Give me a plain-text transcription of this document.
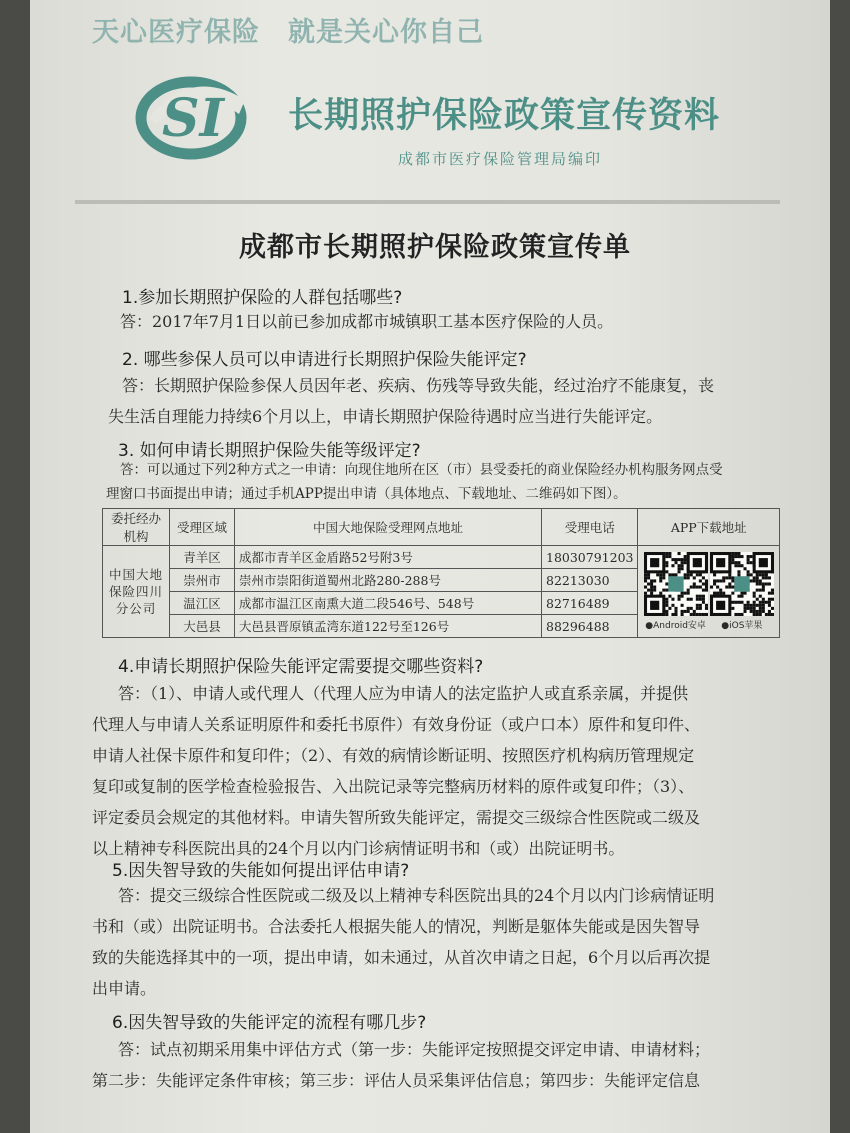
天心医疗保险 就是关心你自己
SI 长期照护保险政策宣传资料
成都市医疗保险管理局编印
成都市长期照护保险政策宣传单
1.参加长期照护保险的人群包括哪些?
答：2017年7月1日以前已参加成都市城镇职工基本医疗保险的人员。
2. 哪些参保人员可以申请进行长期照护保险失能评定?
答：长期照护保险参保人员因年老、疾病、伤残等导致失能，经过治疗不能康复，丧
失生活自理能力持续6个月以上，申请长期照护保险待遇时应当进行失能评定。
3. 如何申请长期照护保险失能等级评定?
答：可以通过下列2种方式之一申请：向现住地所在区（市）县受委托的商业保险经办机构服务网点受
理窗口书面提出申请；通过手机APP提出申请（具体地点、下载地址、二维码如下图）。
委托经办机构	受理区域	中国大地保险受理网点地址	受理电话	APP下载地址
中国大地保险四川分公司	青羊区	成都市青羊区金盾路52号附3号	18030791203	●Android安卓 ●iOS苹果

	崇州市	崇州市崇阳街道蜀州北路280-288号	82213030	
	温江区	成都市温江区南熏大道二段546号、548号	82716489	
	大邑县	大邑县晋原镇孟湾东道122号至126号	88296488	
4.申请长期照护保险失能评定需要提交哪些资料?
答：（1）、申请人或代理人（代理人应为申请人的法定监护人或直系亲属，并提供
代理人与申请人关系证明原件和委托书原件）有效身份证（或户口本）原件和复印件、
申请人社保卡原件和复印件；（2）、有效的病情诊断证明、按照医疗机构病历管理规定
复印或复制的医学检查检验报告、入出院记录等完整病历材料的原件或复印件；（3）、
评定委员会规定的其他材料。申请失智所致失能评定，需提交三级综合性医院或二级及
以上精神专科医院出具的24个月以内门诊病情证明书和（或）出院证明书。
5.因失智导致的失能如何提出评估申请?
答：提交三级综合性医院或二级及以上精神专科医院出具的24个月以内门诊病情证明
书和（或）出院证明书。合法委托人根据失能人的情况，判断是躯体失能或是因失智导
致的失能选择其中的一项，提出申请，如未通过，从首次申请之日起，6个月以后再次提
出申请。
6.因失智导致的失能评定的流程有哪几步?
答：试点初期采用集中评估方式（第一步：失能评定按照提交评定申请、申请材料；
第二步：失能评定条件审核；第三步：评估人员采集评估信息；第四步：失能评定信息
